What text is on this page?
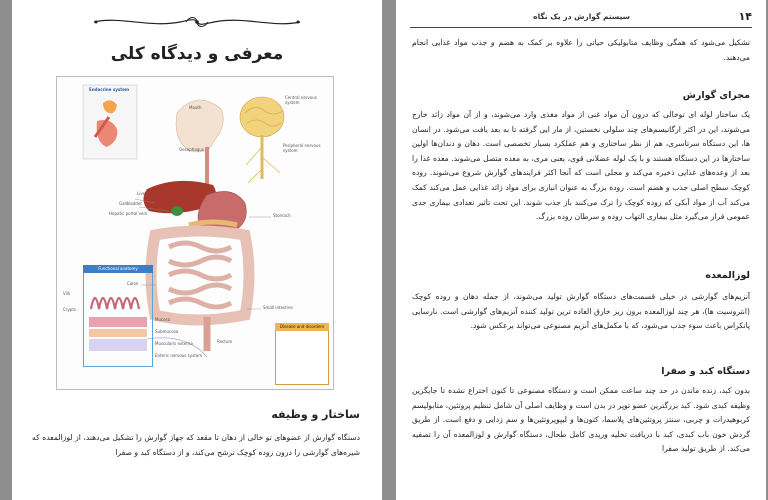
معرفی و دیدگاه کلی
Endocrine system
Central nervous system
Mouth
Oesophagus
Peripheral nervous system
Liver
Gallbladder
Hepatic portal vein	Stomach
Colon
Small intestine
Rectum
Functional anatomy
Villi
Crypts
Mucosa
Submucosa
Muscularis externa
Enteric nervous system
Disease and disorders
ساختار و وظیفه
دستگاه گوارش از عضوهای تو خالی از دهان تا مقعد که جهاز گوارش را تشکیل می‌دهند، از لوزالمعده که شیره‌های گوارشی را درون روده کوچک ترشح می‌کند، و از دستگاه کبد و صفرا
۱۴
سیستم گوارش در یک نگاه
تشکیل می‌شود که همگی وظایف متابولیکی حیاتی را علاوه بر کمک به هضم و جذب مواد غذایی انجام می‌دهند.
مجرای گوارش
یک ساختار لوله ای توخالی که درون آن مواد غنی از مواد مغذی وارد می‌شوند، و از آن مواد زائد خارج می‌شوند، این در اکثر ارگانیسم‌های چند سلولی نخستین، از مار ایی گرفته تا به بعد یافت می‌شود. در انسان ها، این دستگاه سرتاسری، هم از نظر ساختاری و هم عملکرد بسیار تخصصی است. دهان و دندان‌ها اولین ساختارها در این دستگاه هستند و با یک لوله عضلانی قوی، یعنی مری، به معده متصل می‌شوند. معده غذا را بعد از وعده‌های غذایی ذخیره می‌کند و محلی است که آنجا اکثر فرایندهای گوارش شروع می‌شوند. روده کوچک سطح اصلی جذب و هضم است. روده بزرگ به عنوان انباری برای مواد زائد غذایی عمل می‌کند کمک می‌کند آب از مواد آبکی که روده کوچک را ترک می‌کنند باز جذب شوند. این تحت تاثیر تعدادی بیماری جدی عمومی قرار می‌گیرد مثل بیماری التهاب روده و سرطان روده بزرگ.
لوزالمعده
آنزیم‌های گوارشی در خیلی قسمت‌های دستگاه گوارش تولید می‌شوند، از جمله دهان و روده کوچک (انتروسیت ها)، هر چند لوزالمعده برون ریز خارق العاده ترین تولید کننده آنزیم‌های گوارشی است. نارسایی پانکراس باعث سوء جذب می‌شود، که با مکمل‌های آنزیم مصنوعی می‌تواند برعکس شود.
دستگاه کبد و صفرا
بدون کبد، زنده ماندن در حد چند ساعت ممکن است و دستگاه مصنوعی تا کنون اختراع نشده تا جایگزین وظیفه کبدی شود. کبد بزرگترین عضو توپر در بدن است و وظایف اصلی آن شامل تنظیم پروتئین، متابولیسم کربوهیدرات و چربی، سنتز پروتئین‌های پلاسما، کتون‌ها و لیپوپروتئین‌ها و سم زدایی و دفع است. از طریق گردش خون باب کبدی، کبد با دریافت تخلیه وریدی کامل طحال، دستگاه گوارش و لوزالمعده آن را تصفیه می‌کند. از طریق تولید صفرا
